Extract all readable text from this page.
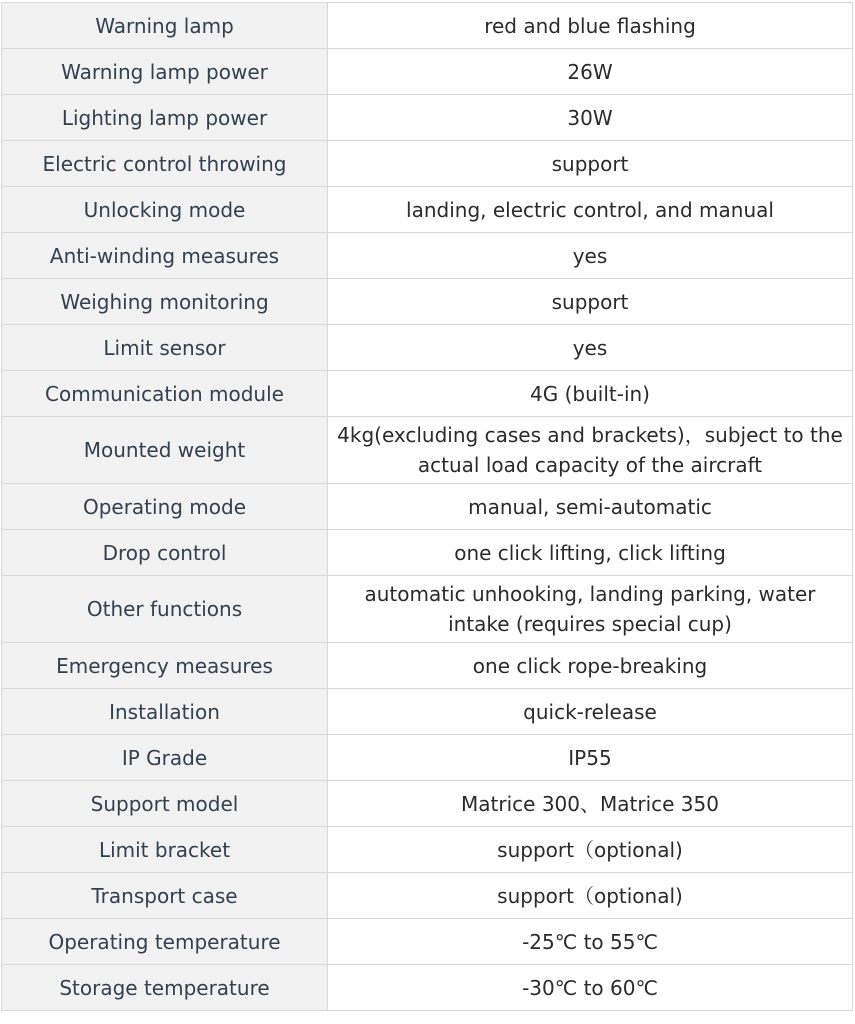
Warning lamp	red and blue flashing
Warning lamp power	26W
Lighting lamp power	30W
Electric control throwing	support
Unlocking mode	landing, electric control, and manual
Anti-winding measures	yes
Weighing monitoring	support
Limit sensor	yes
Communication module	4G (built-in)
Mounted weight	4kg(excluding cases and brackets)，subject to the actual load capacity of the aircraft
Operating mode	manual, semi-automatic
Drop control	one click lifting, click lifting
Other functions	automatic unhooking, landing parking, water intake (requires special cup)
Emergency measures	one click rope-breaking
Installation	quick-release
IP Grade	IP55
Support model	Matrice 300、Matrice 350
Limit bracket	support（optional)
Transport case	support（optional)
Operating temperature	-25℃ to 55℃
Storage temperature	-30℃ to 60℃
